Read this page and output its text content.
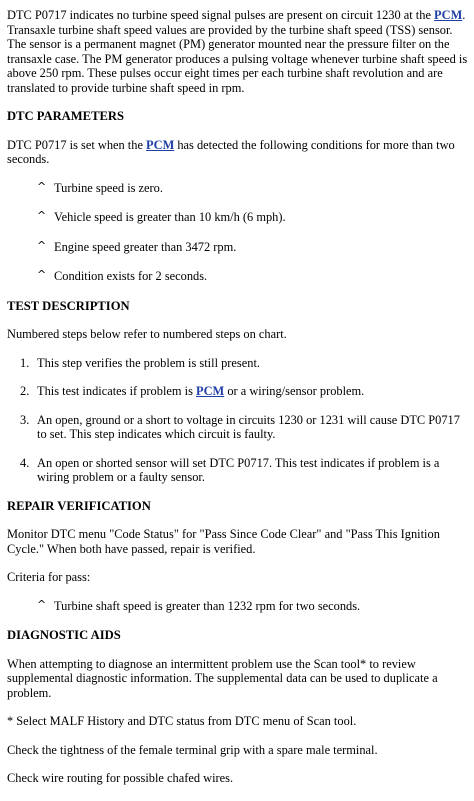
DTC P0717 indicates no turbine speed signal pulses are present on circuit 1230 at the PCM. Transaxle turbine shaft speed values are provided by the turbine shaft speed (TSS) sensor. The sensor is a permanent magnet (PM) generator mounted near the pressure filter on the transaxle case. The PM generator produces a pulsing voltage whenever turbine shaft speed is above 250 rpm. These pulses occur eight times per each turbine shaft revolution and are translated to provide turbine shaft speed in rpm.

DTC PARAMETERS

DTC P0717 is set when the PCM has detected the following conditions for more than two seconds.

^ Turbine speed is zero.
^ Vehicle speed is greater than 10 km/h (6 mph).
^ Engine speed greater than 3472 rpm.
^ Condition exists for 2 seconds.

TEST DESCRIPTION

Numbered steps below refer to numbered steps on chart.

1. This step verifies the problem is still present.
2. This test indicates if problem is PCM or a wiring/sensor problem.
3. An open, ground or a short to voltage in circuits 1230 or 1231 will cause DTC P0717 to set. This step indicates which circuit is faulty.
4. An open or shorted sensor will set DTC P0717. This test indicates if problem is a wiring problem or a faulty sensor.

REPAIR VERIFICATION

Monitor DTC menu "Code Status" for "Pass Since Code Clear" and "Pass This Ignition Cycle." When both have passed, repair is verified.

Criteria for pass:

^ Turbine shaft speed is greater than 1232 rpm for two seconds.

DIAGNOSTIC AIDS

When attempting to diagnose an intermittent problem use the Scan tool* to review supplemental diagnostic information. The supplemental data can be used to duplicate a problem.

* Select MALF History and DTC status from DTC menu of Scan tool.

Check the tightness of the female terminal grip with a spare male terminal.

Check wire routing for possible chafed wires.
